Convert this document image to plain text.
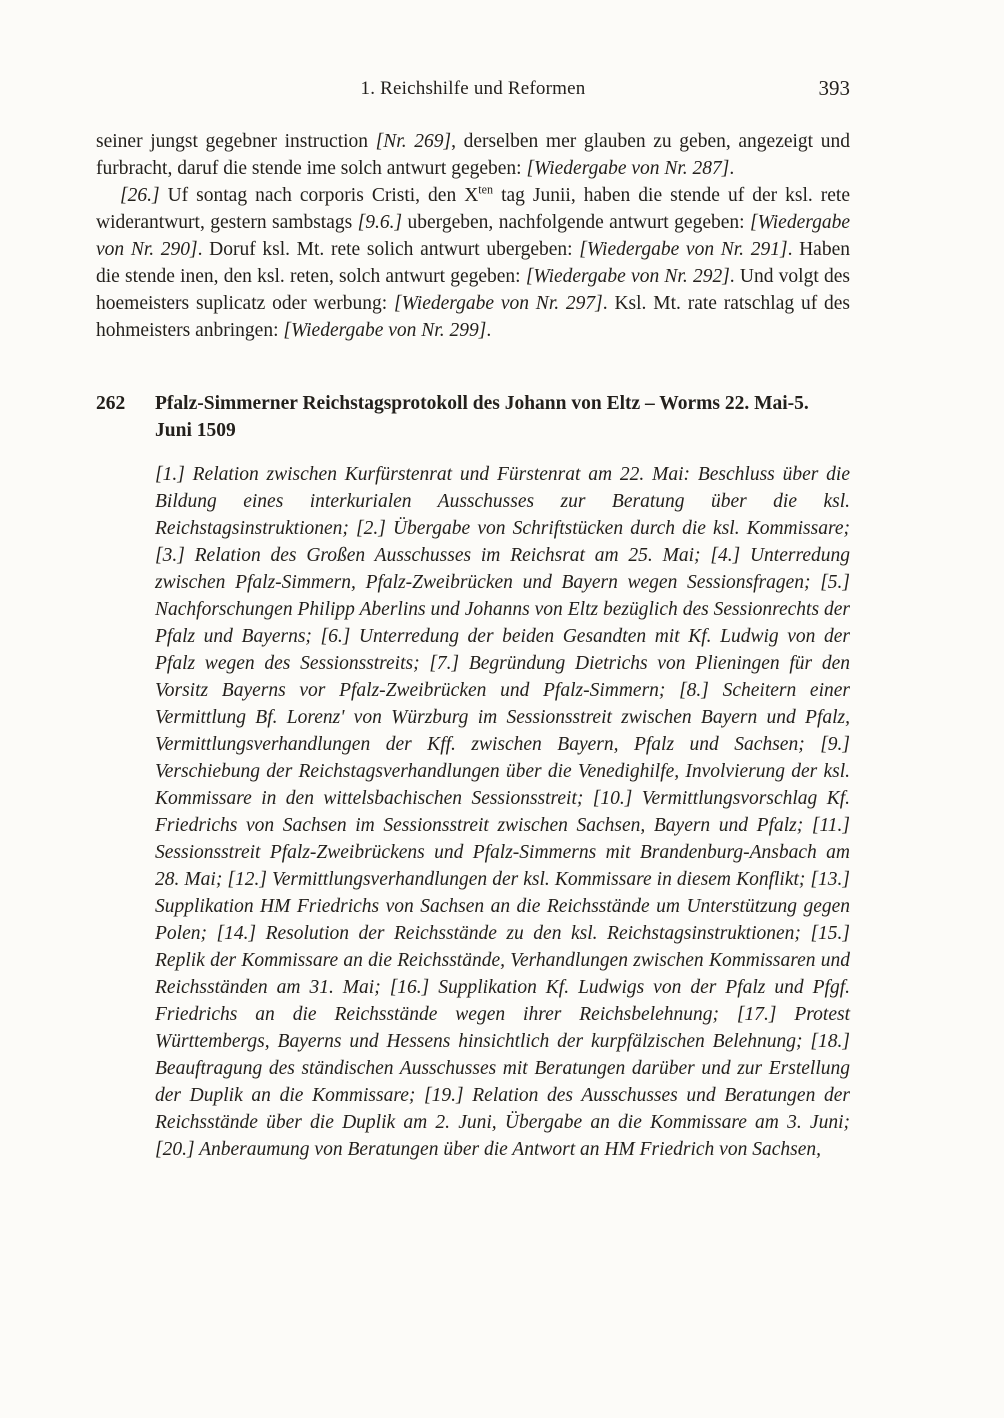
1. Reichshilfe und Reformen	393

seiner jungst gegebner instruction [Nr. 269], derselben mer glauben zu geben, angezeigt und furbracht, daruf die stende ime solch antwurt gegeben: [Wiedergabe von Nr. 287].

[26.] Uf sontag nach corporis Cristi, den $X^{ten}$ tag Junii, haben die stende uf der ksl. rete widerantwurt, gestern sambstags [9.6.] ubergeben, nachfolgende antwurt gegeben: [Wiedergabe von Nr. 290]. Doruf ksl. Mt. rete solich antwurt ubergeben: [Wiedergabe von Nr. 291]. Haben die stende inen, den ksl. reten, solch antwurt gegeben: [Wiedergabe von Nr. 292]. Und volgt des hoemeisters suplicatz oder werbung: [Wiedergabe von Nr. 297]. Ksl. Mt. rate ratschlag uf des hohmeisters anbringen: [Wiedergabe von Nr. 299].

262	Pfalz-Simmerner Reichstagsprotokoll des Johann von Eltz – Worms 22. Mai-5. Juni 1509

[1.] Relation zwischen Kurfürstenrat und Fürstenrat am 22. Mai: Beschluss über die Bildung eines interkurialen Ausschusses zur Beratung über die ksl. Reichstagsinstruktionen; [2.] Übergabe von Schriftstücken durch die ksl. Kommissare; [3.] Relation des Großen Ausschusses im Reichsrat am 25. Mai; [4.] Unterredung zwischen Pfalz-Simmern, Pfalz-Zweibrücken und Bayern wegen Sessionsfragen; [5.] Nachforschungen Philipp Aberlins und Johanns von Eltz bezüglich des Sessionrechts der Pfalz und Bayerns; [6.] Unterredung der beiden Gesandten mit Kf. Ludwig von der Pfalz wegen des Sessionsstreits; [7.] Begründung Dietrichs von Plieningen für den Vorsitz Bayerns vor Pfalz-Zweibrücken und Pfalz-Simmern; [8.] Scheitern einer Vermittlung Bf. Lorenz' von Würzburg im Sessionsstreit zwischen Bayern und Pfalz, Vermittlungsverhandlungen der Kff. zwischen Bayern, Pfalz und Sachsen; [9.] Verschiebung der Reichstagsverhandlungen über die Venedighilfe, Involvierung der ksl. Kommissare in den wittelsbachischen Sessionsstreit; [10.] Vermittlungsvorschlag Kf. Friedrichs von Sachsen im Sessionsstreit zwischen Sachsen, Bayern und Pfalz; [11.] Sessionsstreit Pfalz-Zweibrückens und Pfalz-Simmerns mit Brandenburg-Ansbach am 28. Mai; [12.] Vermittlungsverhandlungen der ksl. Kommissare in diesem Konflikt; [13.] Supplikation HM Friedrichs von Sachsen an die Reichsstände um Unterstützung gegen Polen; [14.] Resolution der Reichsstände zu den ksl. Reichstagsinstruktionen; [15.] Replik der Kommissare an die Reichsstände, Verhandlungen zwischen Kommissaren und Reichsständen am 31. Mai; [16.] Supplikation Kf. Ludwigs von der Pfalz und Pfgf. Friedrichs an die Reichsstände wegen ihrer Reichsbelehnung; [17.] Protest Württembergs, Bayerns und Hessens hinsichtlich der kurpfälzischen Belehnung; [18.] Beauftragung des ständischen Ausschusses mit Beratungen darüber und zur Erstellung der Duplik an die Kommissare; [19.] Relation des Ausschusses und Beratungen der Reichsstände über die Duplik am 2. Juni, Übergabe an die Kommissare am 3. Juni; [20.] Anberaumung von Beratungen über die Antwort an HM Friedrich von Sachsen,
